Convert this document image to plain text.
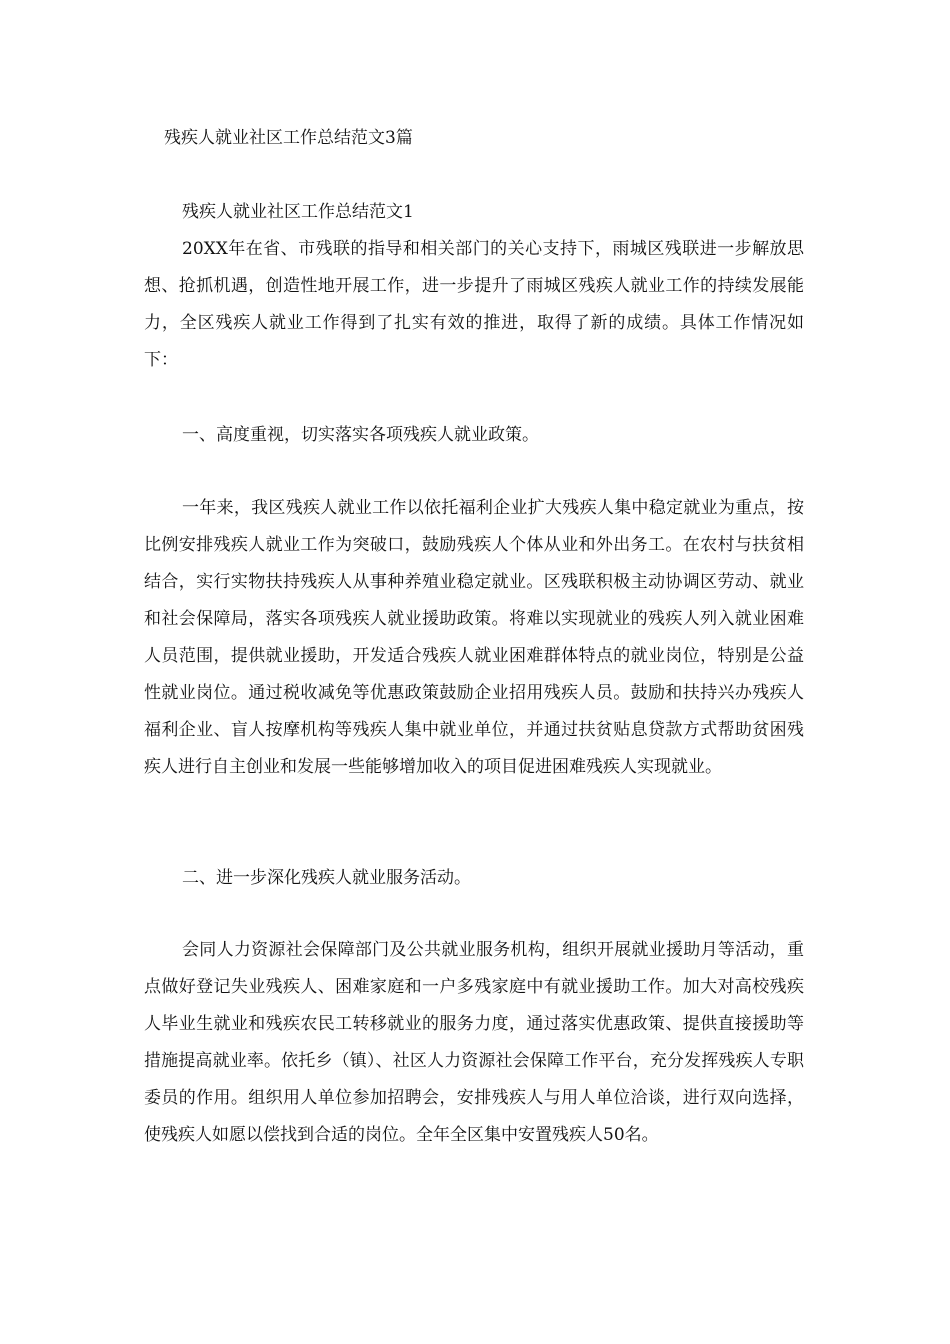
残疾人就业社区工作总结范文3篇
残疾人就业社区工作总结范文1

20XX年在省、市残联的指导和相关部门的关心支持下，雨城区残联进一步解放思想、抢抓机遇，创造性地开展工作，进一步提升了雨城区残疾人就业工作的持续发展能力，全区残疾人就业工作得到了扎实有效的推进，取得了新的成绩。具体工作情况如下：

一、高度重视，切实落实各项残疾人就业政策。

一年来，我区残疾人就业工作以依托福利企业扩大残疾人集中稳定就业为重点，按比例安排残疾人就业工作为突破口，鼓励残疾人个体从业和外出务工。在农村与扶贫相结合，实行实物扶持残疾人从事种养殖业稳定就业。区残联积极主动协调区劳动、就业和社会保障局，落实各项残疾人就业援助政策。将难以实现就业的残疾人列入就业困难人员范围，提供就业援助，开发适合残疾人就业困难群体特点的就业岗位，特别是公益性就业岗位。通过税收减免等优惠政策鼓励企业招用残疾人员。鼓励和扶持兴办残疾人福利企业、盲人按摩机构等残疾人集中就业单位，并通过扶贫贴息贷款方式帮助贫困残疾人进行自主创业和发展一些能够增加收入的项目促进困难残疾人实现就业。

二、进一步深化残疾人就业服务活动。

会同人力资源社会保障部门及公共就业服务机构，组织开展就业援助月等活动，重点做好登记失业残疾人、困难家庭和一户多残家庭中有就业援助工作。加大对高校残疾人毕业生就业和残疾农民工转移就业的服务力度，通过落实优惠政策、提供直接援助等措施提高就业率。依托乡（镇）、社区人力资源社会保障工作平台，充分发挥残疾人专职委员的作用。组织用人单位参加招聘会，安排残疾人与用人单位洽谈，进行双向选择，使残疾人如愿以偿找到合适的岗位。全年全区集中安置残疾人50名。
